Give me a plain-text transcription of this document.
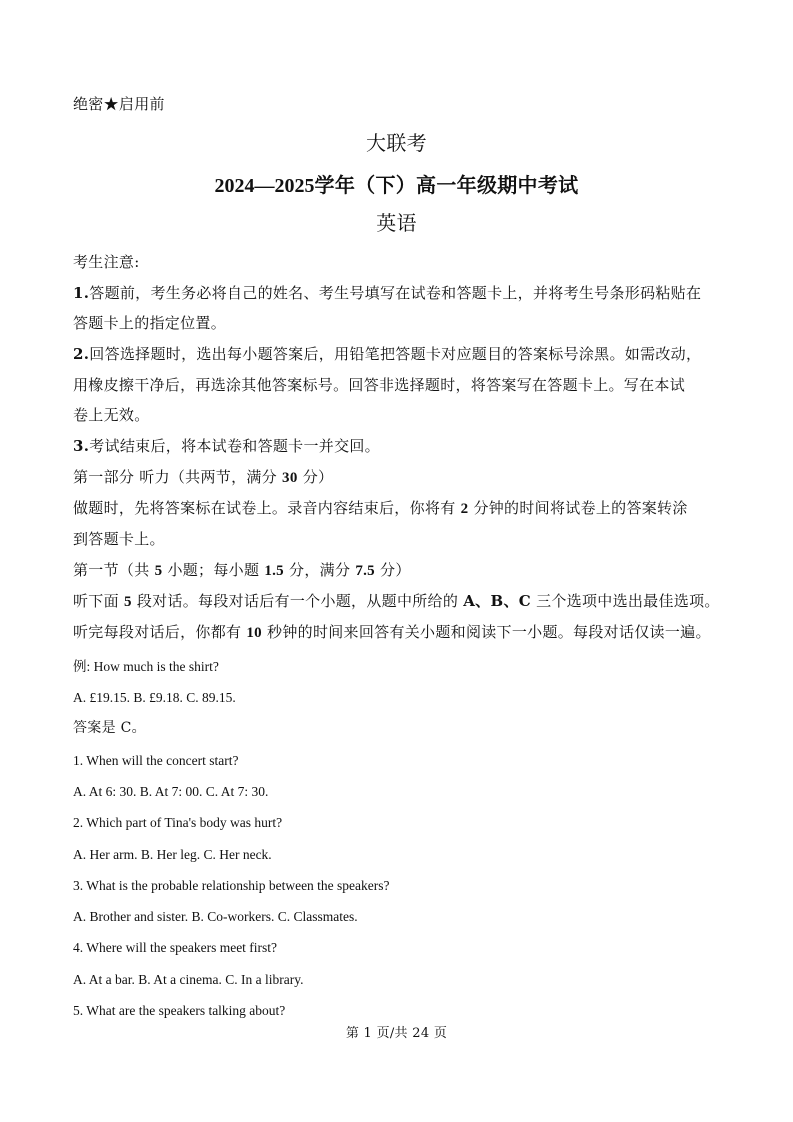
绝密★启用前
大联考
2024—2025学年（下）高一年级期中考试
英语
考生注意:
1.答题前，考生务必将自己的姓名、考生号填写在试卷和答题卡上，并将考生号条形码粘贴在
答题卡上的指定位置。
2.回答选择题时，选出每小题答案后，用铅笔把答题卡对应题目的答案标号涂黑。如需改动，
用橡皮擦干净后，再选涂其他答案标号。回答非选择题时，将答案写在答题卡上。写在本试
卷上无效。
3.考试结束后，将本试卷和答题卡一并交回。
第一部分 听力（共两节，满分 30 分）
做题时，先将答案标在试卷上。录音内容结束后，你将有 2 分钟的时间将试卷上的答案转涂
到答题卡上。
第一节（共 5 小题；每小题 1.5 分，满分 7.5 分）
听下面 5 段对话。每段对话后有一个小题，从题中所给的 A、B、C 三个选项中选出最佳选项。
听完每段对话后，你都有 10 秒钟的时间来回答有关小题和阅读下一小题。每段对话仅读一遍。
例: How much is the shirt?
A. £19.15. B. £9.18. C. 89.15.
答案是 C。
1. When will the concert start?
A. At 6: 30. B. At 7: 00. C. At 7: 30.
2. Which part of Tina's body was hurt?
A. Her arm. B. Her leg. C. Her neck.
3. What is the probable relationship between the speakers?
A. Brother and sister. B. Co-workers. C. Classmates.
4. Where will the speakers meet first?
A. At a bar. B. At a cinema. C. In a library.
5. What are the speakers talking about?
第 1 页/共 24 页
